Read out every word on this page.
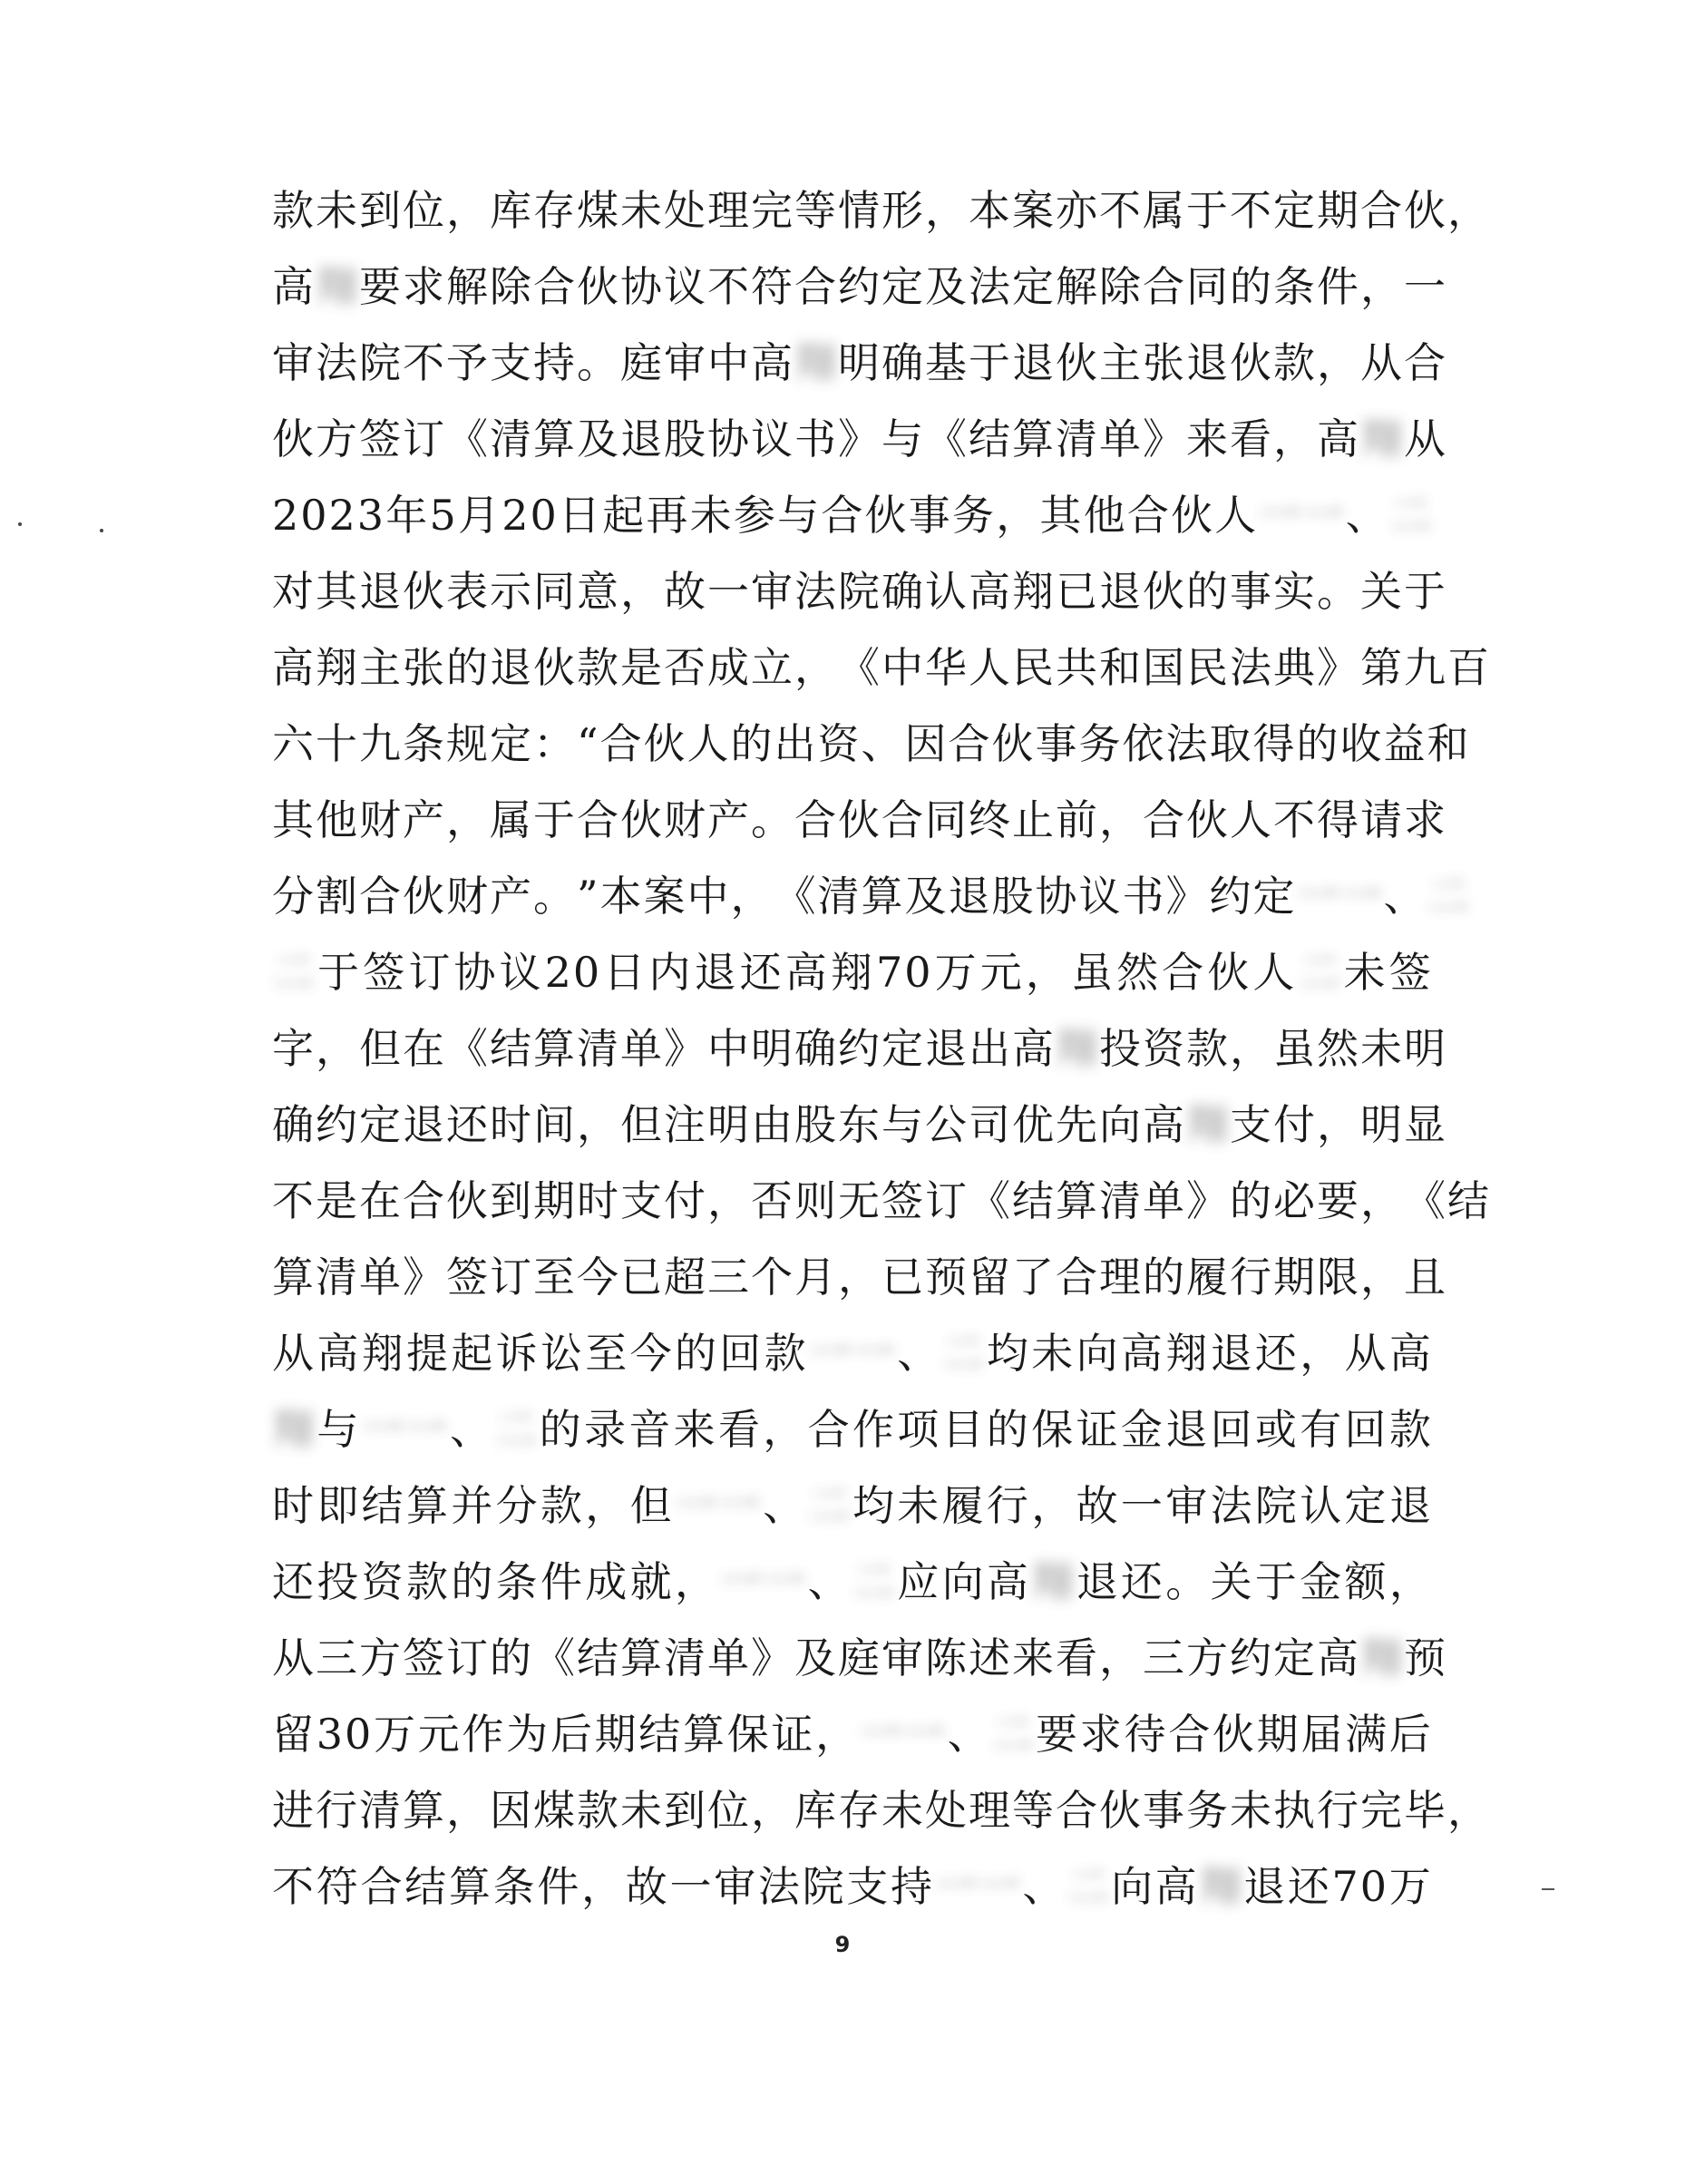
款 未 到 位 ， 库 存 煤 未 处 理 完 等 情 形 ， 本 案 亦 不 属 于 不 定 期 合 伙 ，
高 翔 要 求 解 除 合 伙 协 议 不 符 合 约 定 及 法 定 解 除 合 同 的 条 件 ， 一
审 法 院 不 予 支 持 。 庭 审 中 高 翔 明 确 基 于 退 伙 主 张 退 伙 款 ， 从 合
伙 方 签 订 《 清 算 及 退 股 协 议 书 》 与 《 结 算 清 单 》 来 看 ， 高 翔 从
2023 年 5 月 20 日 起 再 未 参 与 合 伙 事 务 ， 其 他 合 伙 人 一一 、 二
对 其 退 伙 表 示 同 意 ， 故 一 审 法 院 确 认 高 翔 已 退 伙 的 事 实 。 关 于
高 翔 主 张 的 退 伙 款 是 否 成 立 ， 《 中 华 人 民 共 和 国 民 法 典 》 第 九 百
六 十 九 条 规 定 ： “ 合 伙 人 的 出 资 、 因 合 伙 事 务 依 法 取 得 的 收 益 和
其 他 财 产 ， 属 于 合 伙 财 产 。 合 伙 合 同 终 止 前 ， 合 伙 人 不 得 请 求
分 割 合 伙 财 产 。 ” 本 案 中 ， 《 清 算 及 退 股 协 议 书 》 约 定 一一 、 二
二 于 签 订 协 议 20 日 内 退 还 高 翔 70 万 元 ， 虽 然 合 伙 人 二 未 签
字 ， 但 在 《 结 算 清 单 》 中 明 确 约 定 退 出 高 翔 投 资 款 ， 虽 然 未 明
确 约 定 退 还 时 间 ， 但 注 明 由 股 东 与 公 司 优 先 向 高 翔 支 付 ， 明 显
不 是 在 合 伙 到 期 时 支 付 ， 否 则 无 签 订 《 结 算 清 单 》 的 必 要 ， 《 结
算 清 单 》 签 订 至 今 已 超 三 个 月 ， 已 预 留 了 合 理 的 履 行 期 限 ， 且
从 高 翔 提 起 诉 讼 至 今 的 回 款 一一 、 二 均 未 向 高 翔 退 还 ， 从 高
翔 与 一一 、 二 的 录 音 来 看 ， 合 作 项 目 的 保 证 金 退 回 或 有 回 款
时 即 结 算 并 分 款 ， 但 一一 、 二 均 未 履 行 ， 故 一 审 法 院 认 定 退
还 投 资 款 的 条 件 成 就 ， 一一 、 二 应 向 高 翔 退 还 。 关 于 金 额 ，
从 三 方 签 订 的 《 结 算 清 单 》 及 庭 审 陈 述 来 看 ， 三 方 约 定 高 翔 预
留 30 万 元 作 为 后 期 结 算 保 证 ， 一一 、 二 要 求 待 合 伙 期 届 满 后
进 行 清 算 ， 因 煤 款 未 到 位 ， 库 存 未 处 理 等 合 伙 事 务 未 执 行 完 毕 ，
不 符 合 结 算 条 件 ， 故 一 审 法 院 支 持 一一 、 二 向 高 翔 退 还 70 万
9
